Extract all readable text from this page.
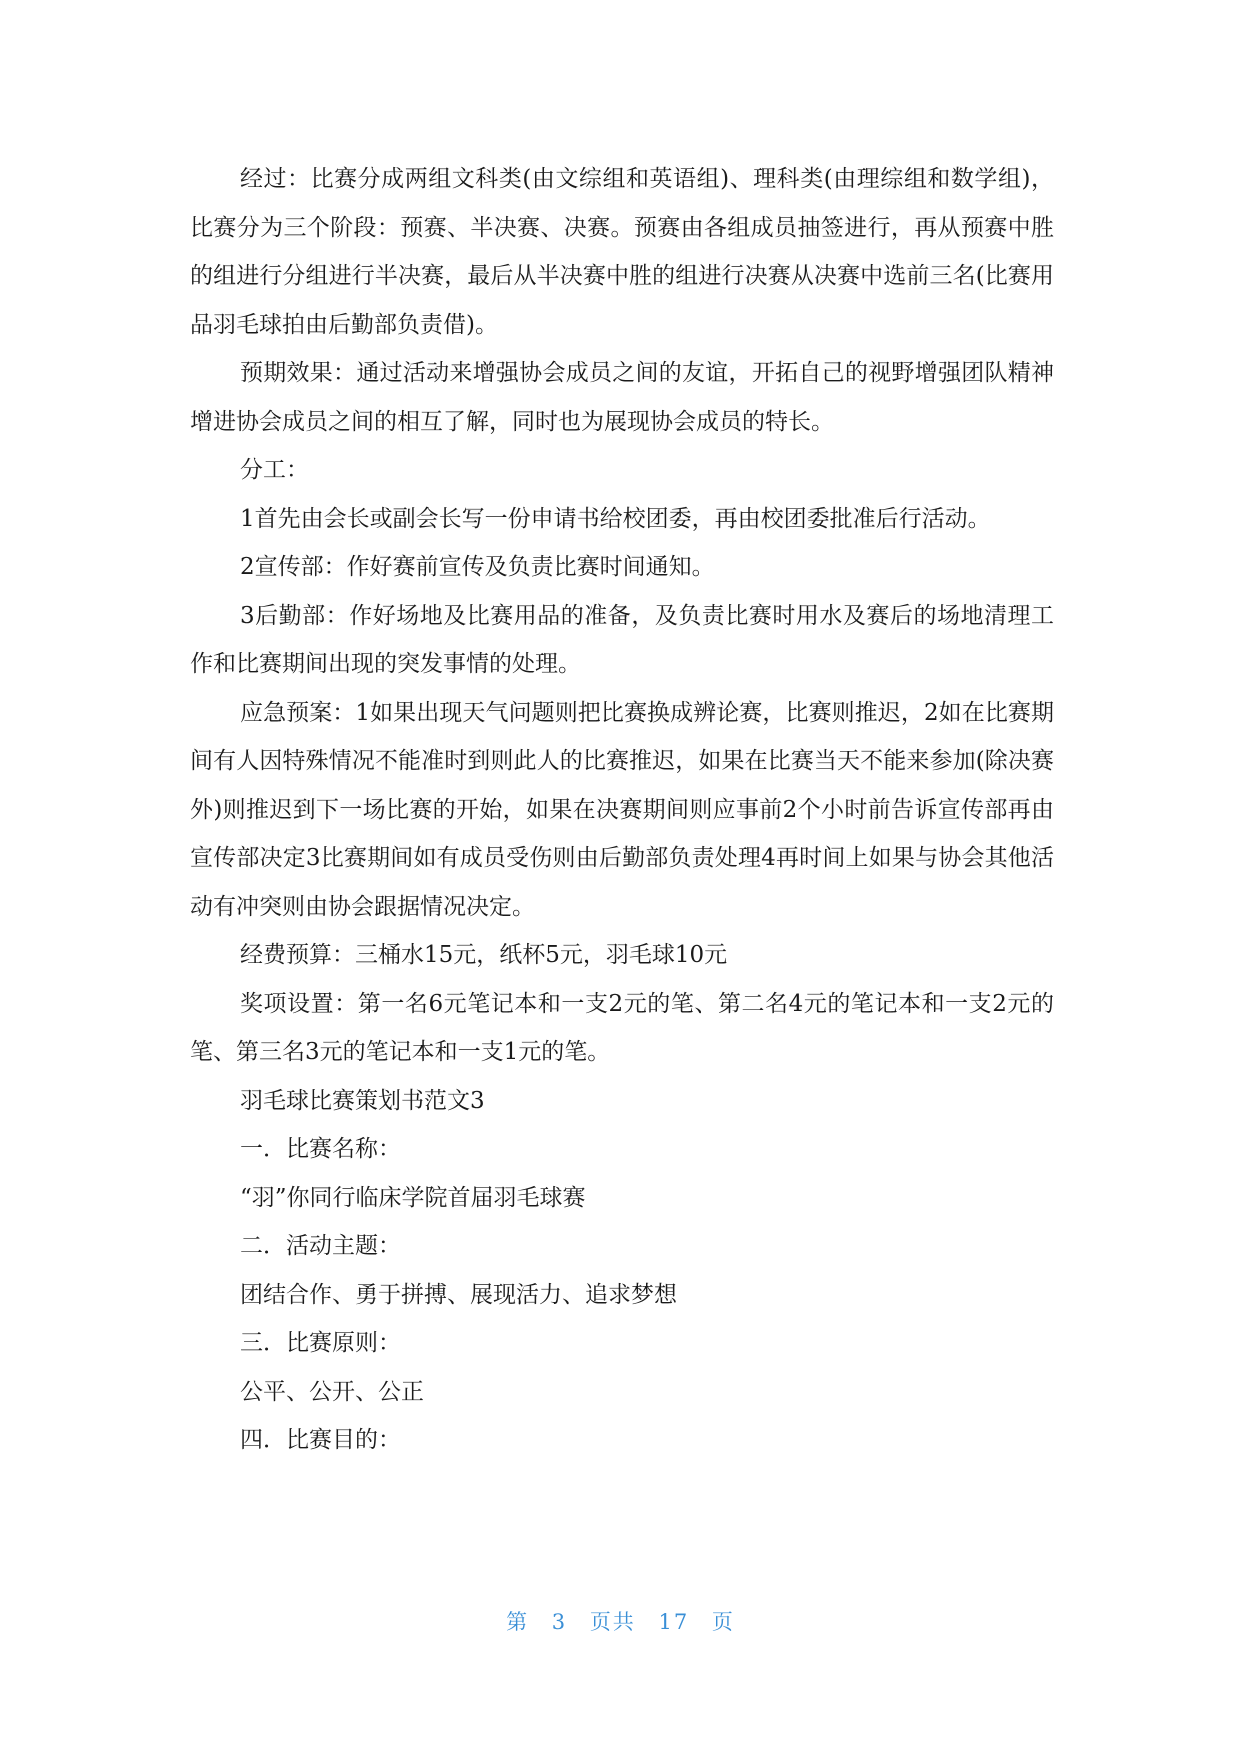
经过：比赛分成两组文科类(由文综组和英语组)、理科类(由理综组和数学组)，比赛分为三个阶段：预赛、半决赛、决赛。预赛由各组成员抽签进行，再从预赛中胜的组进行分组进行半决赛，最后从半决赛中胜的组进行决赛从决赛中选前三名(比赛用品羽毛球拍由后勤部负责借)。

预期效果：通过活动来增强协会成员之间的友谊，开拓自己的视野增强团队精神增进协会成员之间的相互了解，同时也为展现协会成员的特长。

分工：

1首先由会长或副会长写一份申请书给校团委，再由校团委批准后行活动。

2宣传部：作好赛前宣传及负责比赛时间通知。

3后勤部：作好场地及比赛用品的准备，及负责比赛时用水及赛后的场地清理工作和比赛期间出现的突发事情的处理。

应急预案：1如果出现天气问题则把比赛换成辨论赛，比赛则推迟，2如在比赛期间有人因特殊情况不能准时到则此人的比赛推迟，如果在比赛当天不能来参加(除决赛外)则推迟到下一场比赛的开始，如果在决赛期间则应事前2个小时前告诉宣传部再由宣传部决定3比赛期间如有成员受伤则由后勤部负责处理4再时间上如果与协会其他活动有冲突则由协会跟据情况决定。

经费预算：三桶水15元，纸杯5元，羽毛球10元

奖项设置：第一名6元笔记本和一支2元的笔、第二名4元的笔记本和一支2元的笔、第三名3元的笔记本和一支1元的笔。

羽毛球比赛策划书范文3

一．比赛名称：

“羽”你同行临床学院首届羽毛球赛

二．活动主题：

团结合作、勇于拼搏、展现活力、追求梦想

三．比赛原则：

公平、公开、公正

四．比赛目的：

第 3 页共 17 页
